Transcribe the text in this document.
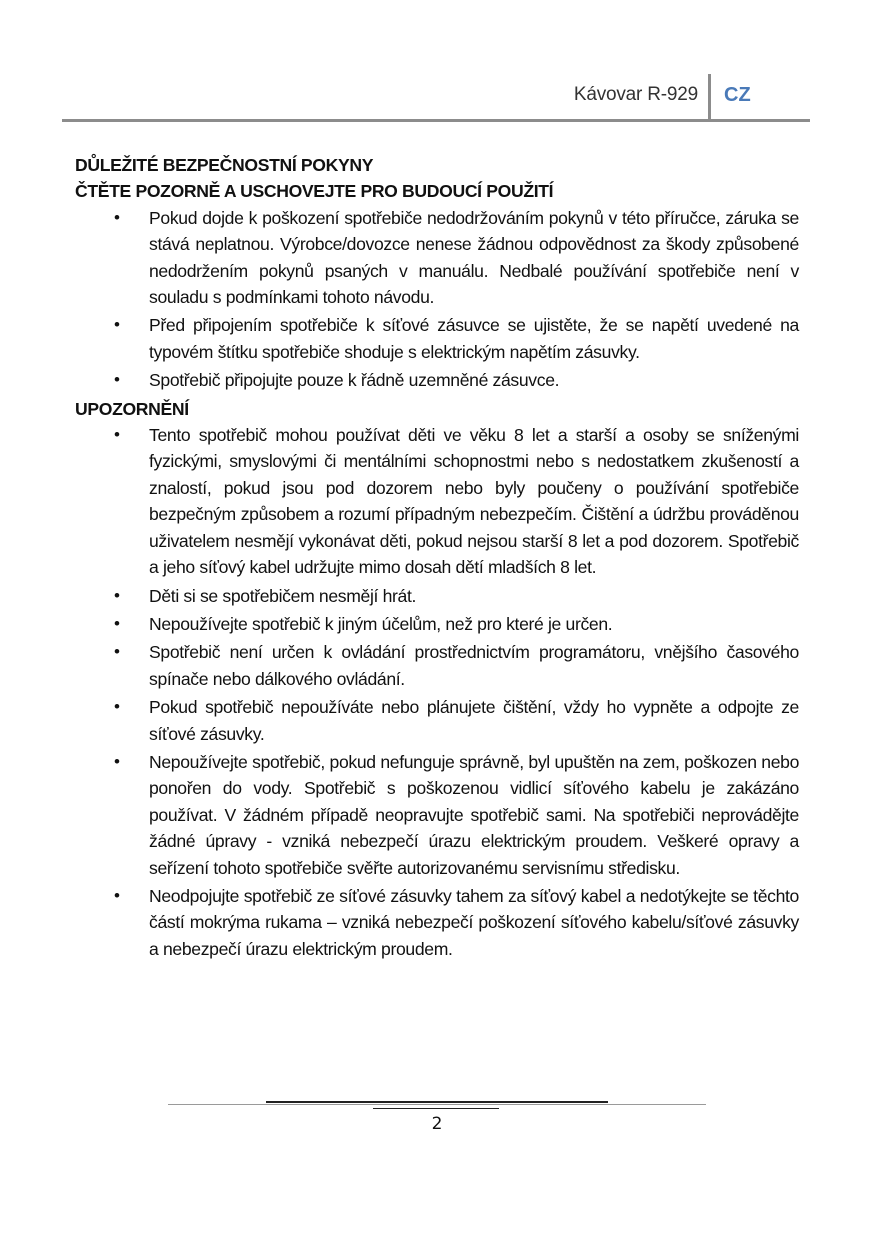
Kávovar R-929 CZ

DŮLEŽITÉ BEZPEČNOSTNÍ POKYNY

ČTĚTE POZORNĚ A USCHOVEJTE PRO BUDOUCÍ POUŽITÍ

• Pokud dojde k poškození spotřebiče nedodržováním pokynů v této příručce, záruka se stává neplatnou. Výrobce/dovozce nenese žádnou odpovědnost za škody způsobené nedodržením pokynů psaných v manuálu. Nedbalé používání spotřebiče není v souladu s podmínkami tohoto návodu.
• Před připojením spotřebiče k síťové zásuvce se ujistěte, že se napětí uvedené na typovém štítku spotřebiče shoduje s elektrickým napětím zásuvky.
• Spotřebič připojujte pouze k řádně uzemněné zásuvce.

UPOZORNĚNÍ

• Tento spotřebič mohou používat děti ve věku 8 let a starší a osoby se sníženými fyzickými, smyslovými či mentálními schopnostmi nebo s nedostatkem zkušeností a znalostí, pokud jsou pod dozorem nebo byly poučeny o používání spotřebiče bezpečným způsobem a rozumí případným nebezpečím. Čištění a údržbu prováděnou uživatelem nesmějí vykonávat děti, pokud nejsou starší 8 let a pod dozorem. Spotřebič a jeho síťový kabel udržujte mimo dosah dětí mladších 8 let.
• Děti si se spotřebičem nesmějí hrát.
• Nepoužívejte spotřebič k jiným účelům, než pro které je určen.
• Spotřebič není určen k ovládání prostřednictvím programátoru, vnějšího časového spínače nebo dálkového ovládání.
• Pokud spotřebič nepoužíváte nebo plánujete čištění, vždy ho vypněte a odpojte ze síťové zásuvky.
• Nepoužívejte spotřebič, pokud nefunguje správně, byl upuštěn na zem, poškozen nebo ponořen do vody. Spotřebič s poškozenou vidlicí síťového kabelu je zakázáno používat. V žádném případě neopravujte spotřebič sami. Na spotřebiči neprovádějte žádné úpravy - vzniká nebezpečí úrazu elektrickým proudem. Veškeré opravy a seřízení tohoto spotřebiče svěřte autorizovanému servisnímu středisku.
• Neodpojujte spotřebič ze síťové zásuvky tahem za síťový kabel a nedotýkejte se těchto částí mokrýma rukama – vzniká nebezpečí poškození síťového kabelu/síťové zásuvky a nebezpečí úrazu elektrickým proudem.
2
